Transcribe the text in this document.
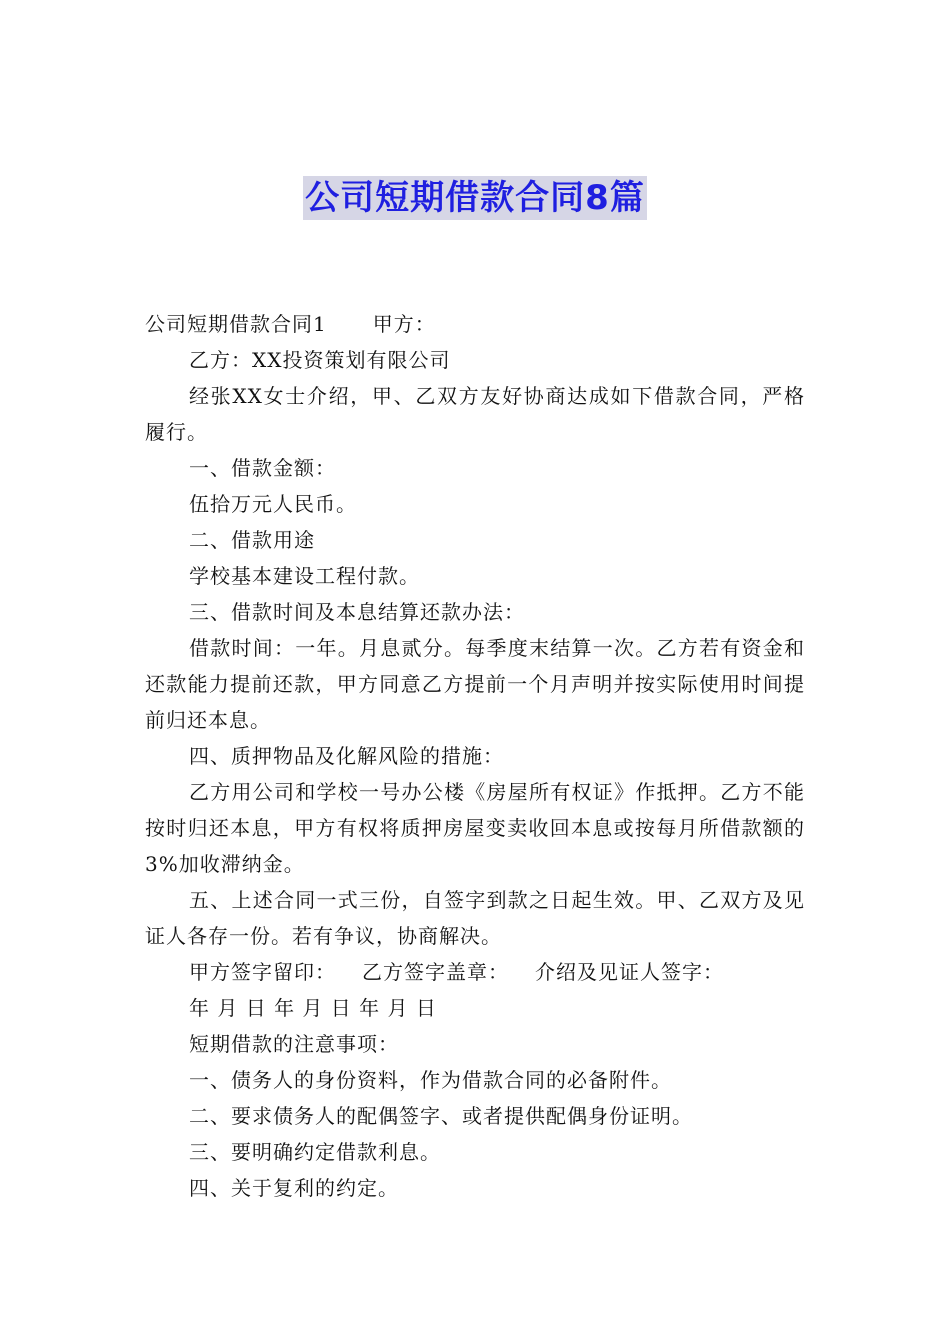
公司短期借款合同8篇

公司短期借款合同1 甲方：

乙方：XX投资策划有限公司

经张XX女士介绍，甲、乙双方友好协商达成如下借款合同，严格履行。

一、借款金额：

伍拾万元人民币。

二、借款用途

学校基本建设工程付款。

三、借款时间及本息结算还款办法：

借款时间：一年。月息贰分。每季度末结算一次。乙方若有资金和还款能力提前还款，甲方同意乙方提前一个月声明并按实际使用时间提前归还本息。

四、质押物品及化解风险的措施：

乙方用公司和学校一号办公楼《房屋所有权证》作抵押。乙方不能按时归还本息，甲方有权将质押房屋变卖收回本息或按每月所借款额的3%加收滞纳金。

五、上述合同一式三份，自签字到款之日起生效。甲、乙双方及见证人各存一份。若有争议，协商解决。

甲方签字留印： 乙方签字盖章： 介绍及见证人签字：

年 月 日 年 月 日 年 月 日

短期借款的注意事项：

一、债务人的身份资料，作为借款合同的必备附件。

二、要求债务人的配偶签字、或者提供配偶身份证明。

三、要明确约定借款利息。

四、关于复利的约定。
